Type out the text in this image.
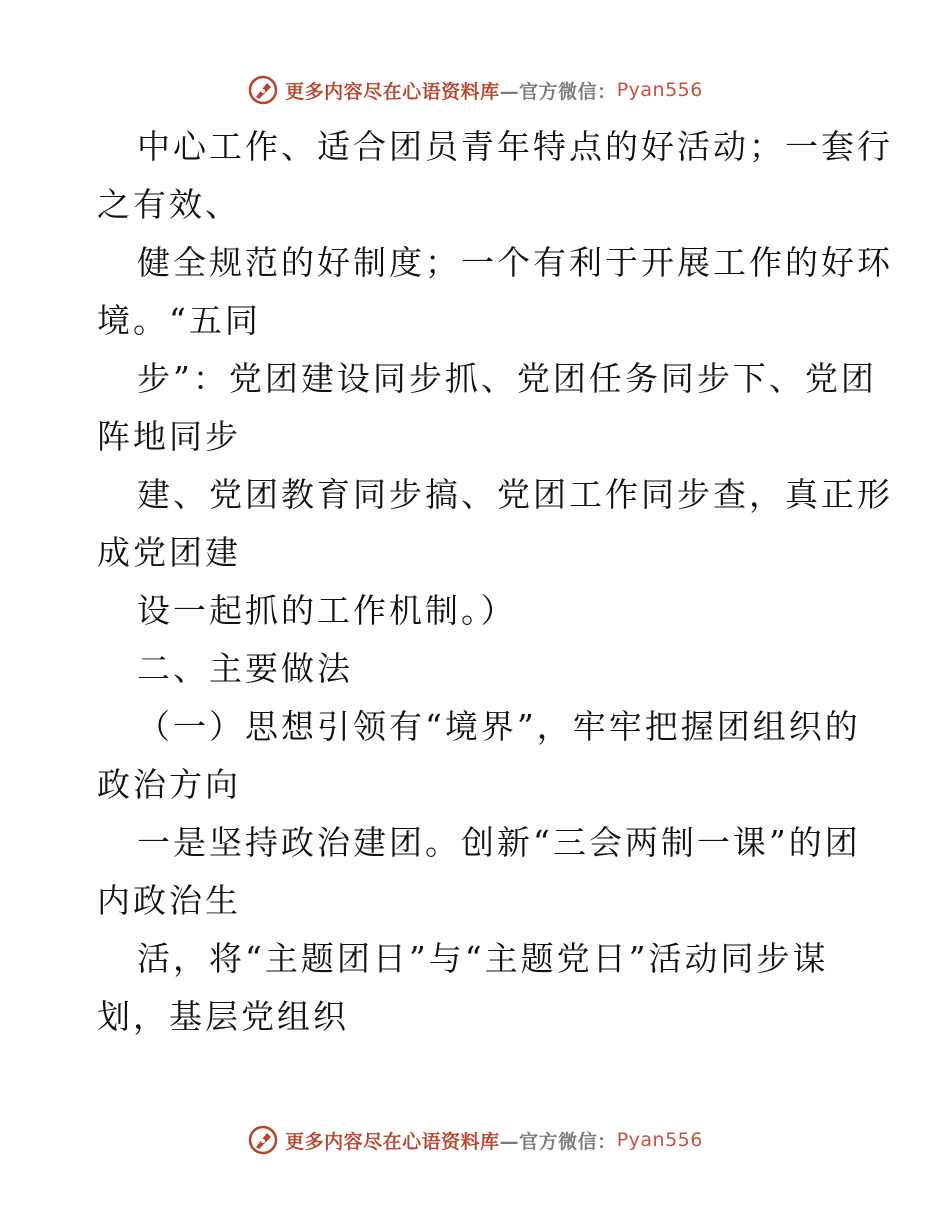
更多内容尽在心语资料库 —官方微信： Pyan556
中心工作、适合团员青年特点的好活动；一套行
之有效、
健全规范的好制度；一个有利于开展工作的好环
境。“五同
步”：党团建设同步抓、党团任务同步下、党团
阵地同步
建、党团教育同步搞、党团工作同步查，真正形
成党团建
设一起抓的工作机制。）
二、主要做法
（一）思想引领有“境界”，牢牢把握团组织的
政治方向
一是坚持政治建团。创新“三会两制一课”的团
内政治生
活，将“主题团日”与“主题党日”活动同步谋
划，基层党组织
更多内容尽在心语资料库 —官方微信： Pyan556
